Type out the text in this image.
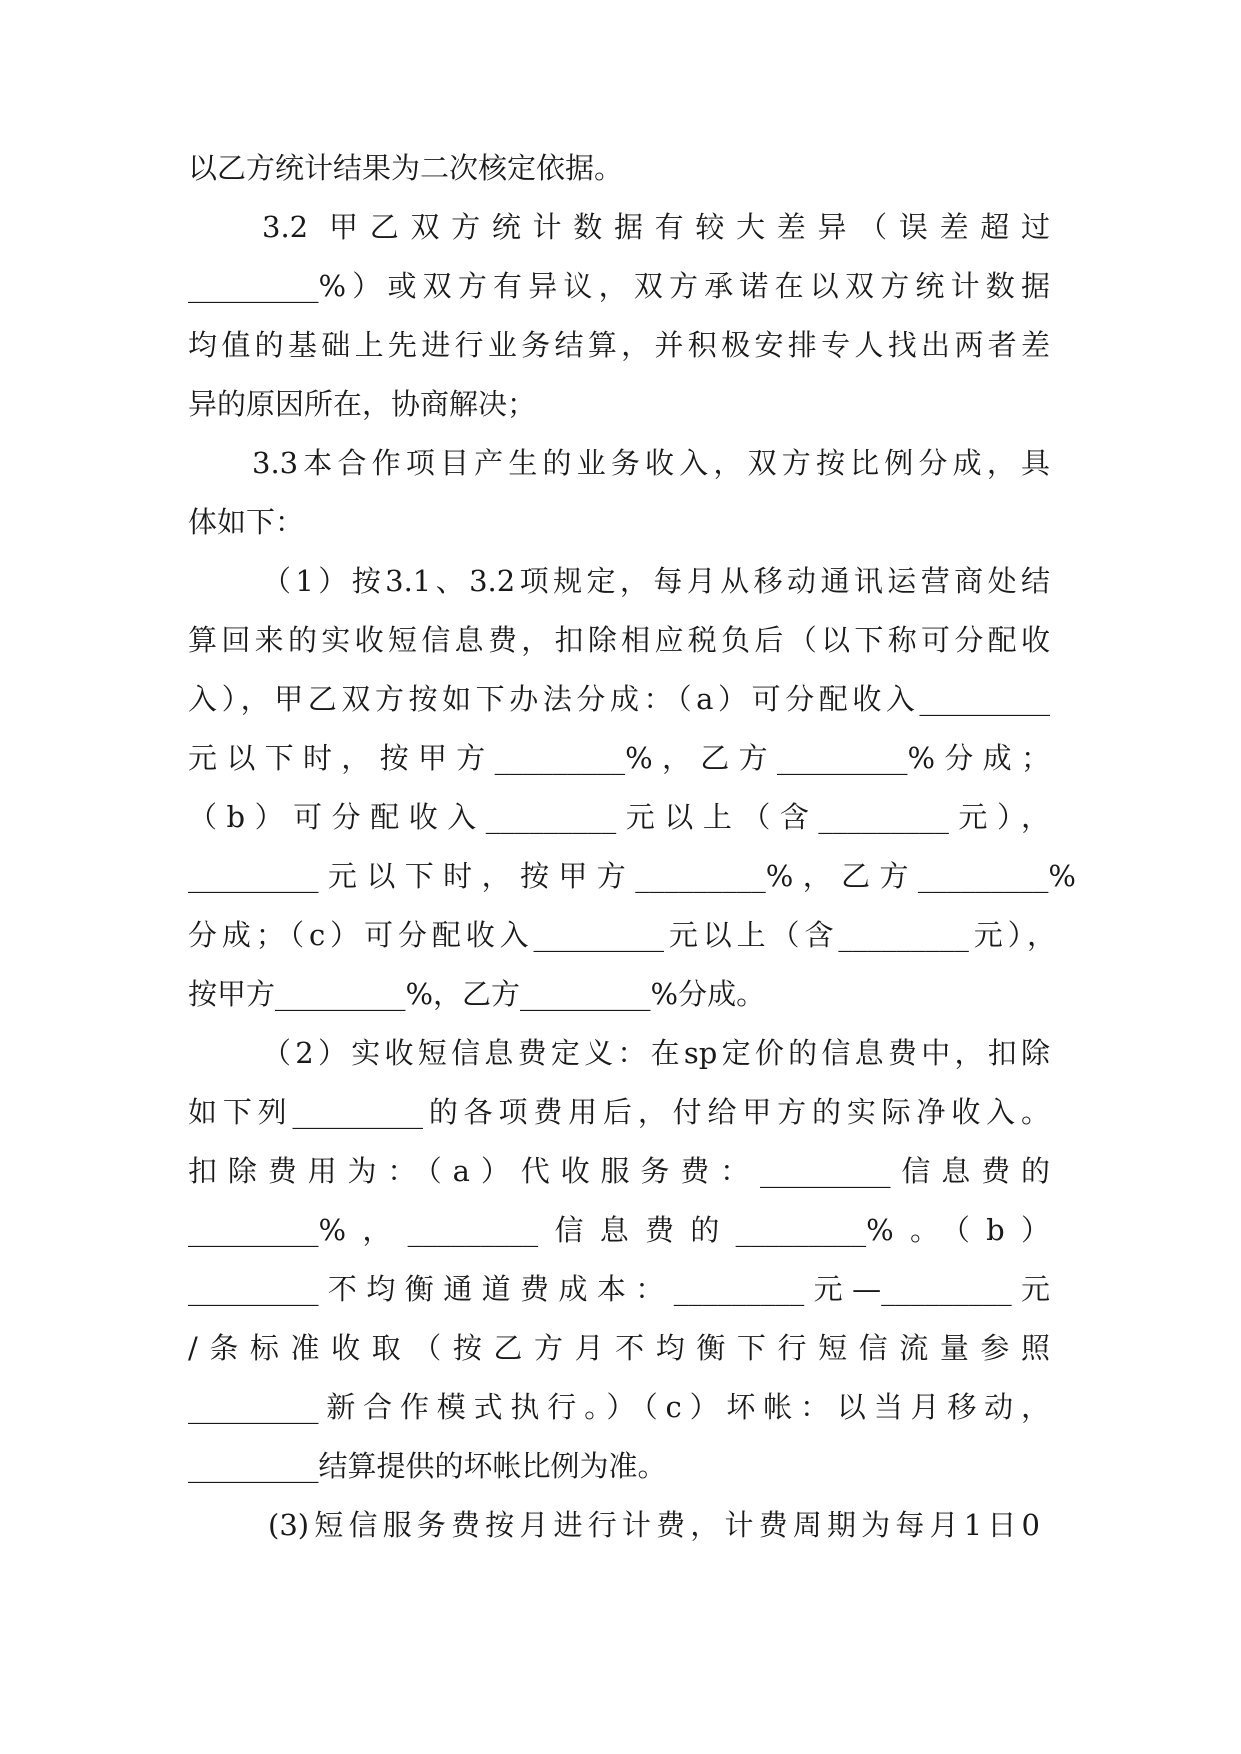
以乙方统计结果为二次核定依据。

3.2 甲乙双方统计数据有较大差异（误差超过

_________%）或双方有异议，双方承诺在以双方统计数据

均值的基础上先进行业务结算，并积极安排专人找出两者差

异的原因所在，协商解决；

3.3本合作项目产生的业务收入，双方按比例分成，具

体如下：

（1）按3.1、3.2项规定，每月从移动通讯运营商处结

算回来的实收短信息费，扣除相应税负后（以下称可分配收

入），甲乙双方按如下办法分成：（a）可分配收入_________

元以下时，按甲方_________%，乙方_________%分成；

（b）可分配收入_________元以上（含_________元），

_________元以下时，按甲方_________%，乙方_________%

分成；（c）可分配收入_________元以上（含_________元），

按甲方_________%，乙方_________%分成。

（2）实收短信息费定义：在sp定价的信息费中，扣除

如下列_________的各项费用后，付给甲方的实际净收入。

扣除费用为：（a）代收服务费：_________信息费的

_________%，_________信息费的_________%。（b）

_________不均衡通道费成本：_________元—_________元

/条标准收取（按乙方月不均衡下行短信流量参照

_________新合作模式执行。）（c）坏帐：以当月移动，

_________结算提供的坏帐比例为准。

(3)短信服务费按月进行计费，计费周期为每月1日0
